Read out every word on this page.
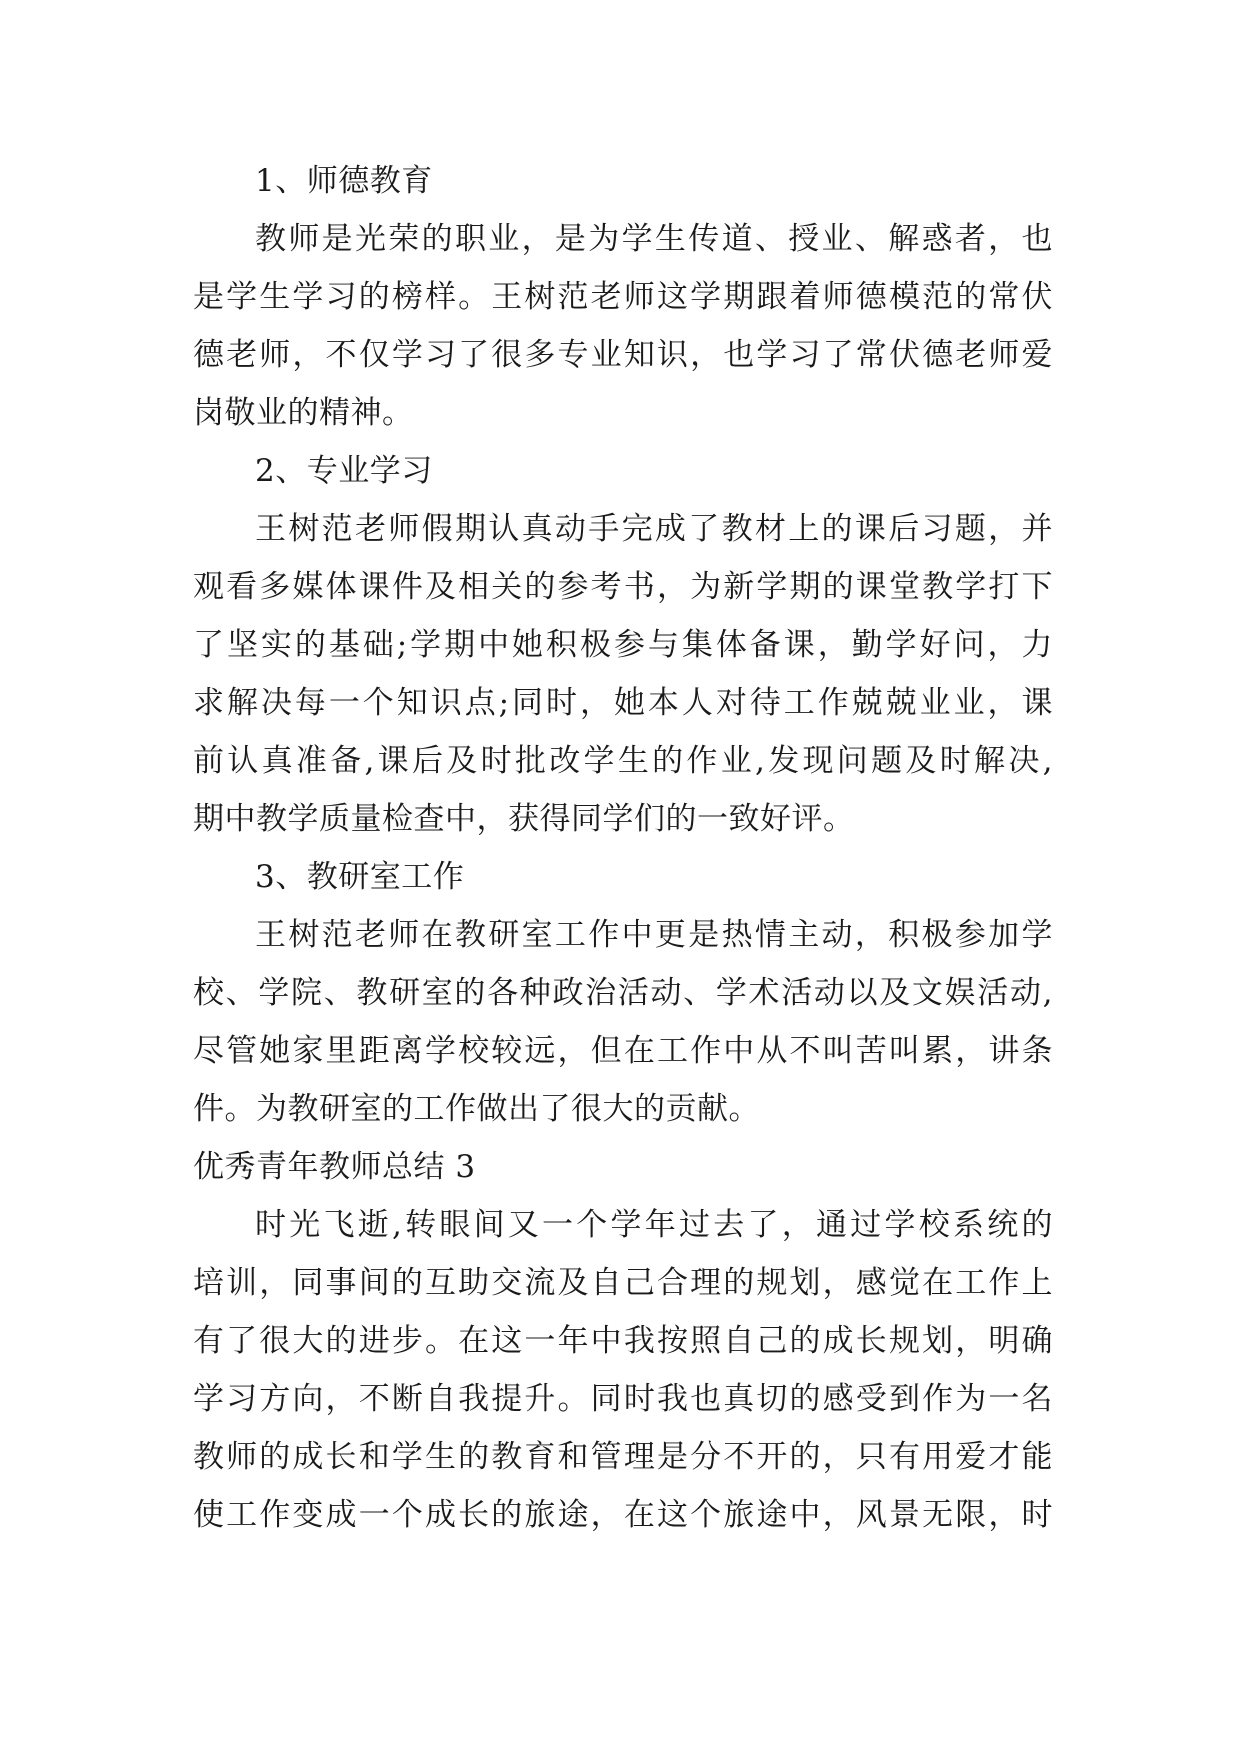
1、师德教育
教师是光荣的职业，是为学生传道、授业、解惑者，也
是学生学习的榜样。王树范老师这学期跟着师德模范的常伏
德老师，不仅学习了很多专业知识，也学习了常伏德老师爱
岗敬业的精神。
2、专业学习
王树范老师假期认真动手完成了教材上的课后习题，并
观看多媒体课件及相关的参考书，为新学期的课堂教学打下
了坚实的基础;学期中她积极参与集体备课，勤学好问，力
求解决每一个知识点;同时，她本人对待工作兢兢业业，课
前认真准备,课后及时批改学生的作业,发现问题及时解决,
期中教学质量检查中，获得同学们的一致好评。
3、教研室工作
王树范老师在教研室工作中更是热情主动，积极参加学
校、学院、教研室的各种政治活动、学术活动以及文娱活动,
尽管她家里距离学校较远，但在工作中从不叫苦叫累，讲条
件。为教研室的工作做出了很大的贡献。
优秀青年教师总结 3
时光飞逝,转眼间又一个学年过去了，通过学校系统的
培训，同事间的互助交流及自己合理的规划，感觉在工作上
有了很大的进步。在这一年中我按照自己的成长规划，明确
学习方向，不断自我提升。同时我也真切的感受到作为一名
教师的成长和学生的教育和管理是分不开的，只有用爱才能
使工作变成一个成长的旅途，在这个旅途中，风景无限，时
